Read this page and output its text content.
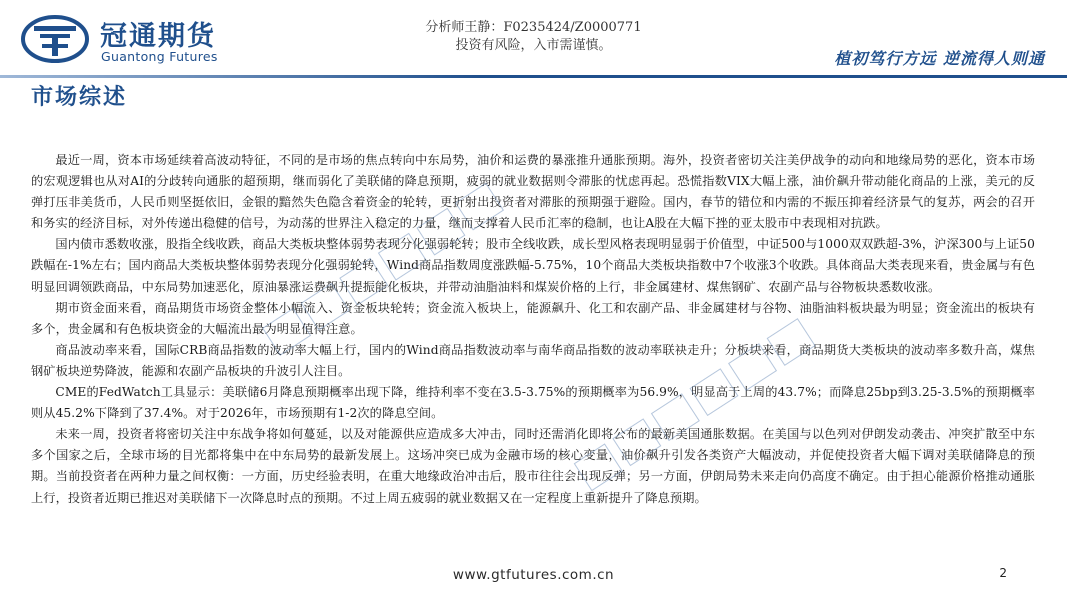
冠通期货
Guantong Futures
分析师王静：F0235424/Z0000771
投资有风险，入市需谨慎。
植初笃行方远 逆流得人则通
市场综述

最近一周，资本市场延续着高波动特征，不同的是市场的焦点转向中东局势，油价和运费的暴涨推升通胀预期。海外，投资者密切关注美伊战争的动向和地缘局势的恶化，资本市场的宏观逻辑也从对AI的分歧转向通胀的超预期，继而弱化了美联储的降息预期，疲弱的就业数据则令滞胀的忧虑再起。恐慌指数VIX大幅上涨，油价飙升带动能化商品的上涨，美元的反弹打压非美货币，人民币则坚挺依旧，金银的黯然失色隐含着资金的轮转，更折射出投资者对滞胀的预期强于避险。国内，春节的错位和内需的不振压抑着经济景气的复苏，两会的召开和务实的经济目标，对外传递出稳健的信号，为动荡的世界注入稳定的力量，继而支撑着人民币汇率的稳制，也让A股在大幅下挫的亚太股市中表现相对抗跌。

国内债市悉数收涨，股指全线收跌，商品大类板块整体弱势表现分化强弱轮转；股市全线收跌，成长型风格表现明显弱于价值型，中证500与1000双双跌超-3%，沪深300与上证50跌幅在-1%左右；国内商品大类板块整体弱势表现分化强弱轮转，Wind商品指数周度涨跌幅-5.75%，10个商品大类板块指数中7个收涨3个收跌。具体商品大类表现来看，贵金属与有色明显回调领跌商品，中东局势加速恶化，原油暴涨运费飙升提振能化板块，并带动油脂油料和煤炭价格的上行，非金属建材、煤焦钢矿、农副产品与谷物板块悉数收涨。

期市资金面来看，商品期货市场资金整体小幅流入、资金板块轮转；资金流入板块上，能源飙升、化工和农副产品、非金属建材与谷物、油脂油料板块最为明显；资金流出的板块有多个，贵金属和有色板块资金的大幅流出最为明显值得注意。

商品波动率来看，国际CRB商品指数的波动率大幅上行，国内的Wind商品指数波动率与南华商品指数的波动率联袂走升；分板块来看，商品期货大类板块的波动率多数升高，煤焦钢矿板块逆势降波，能源和农副产品板块的升波引人注目。

CME的FedWatch工具显示：美联储6月降息预期概率出现下降，维持利率不变在3.5-3.75%的预期概率为56.9%，明显高于上周的43.7%；而降息25bp到3.25-3.5%的预期概率则从45.2%下降到了37.4%。对于2026年，市场预期有1-2次的降息空间。

未来一周，投资者将密切关注中东战争将如何蔓延，以及对能源供应造成多大冲击，同时还需消化即将公布的最新美国通胀数据。在美国与以色列对伊朗发动袭击、冲突扩散至中东多个国家之后，全球市场的目光都将集中在中东局势的最新发展上。这场冲突已成为金融市场的核心变量，油价飙升引发各类资产大幅波动，并促使投资者大幅下调对美联储降息的预期。当前投资者在两种力量之间权衡：一方面，历史经验表明，在重大地缘政治冲击后，股市往往会出现反弹；另一方面，伊朗局势未来走向仍高度不确定。由于担心能源价格推动通胀上行，投资者近期已推迟对美联储下一次降息时点的预期。不过上周五疲弱的就业数据又在一定程度上重新提升了降息预期。

www.gtfutures.com.cn	2
